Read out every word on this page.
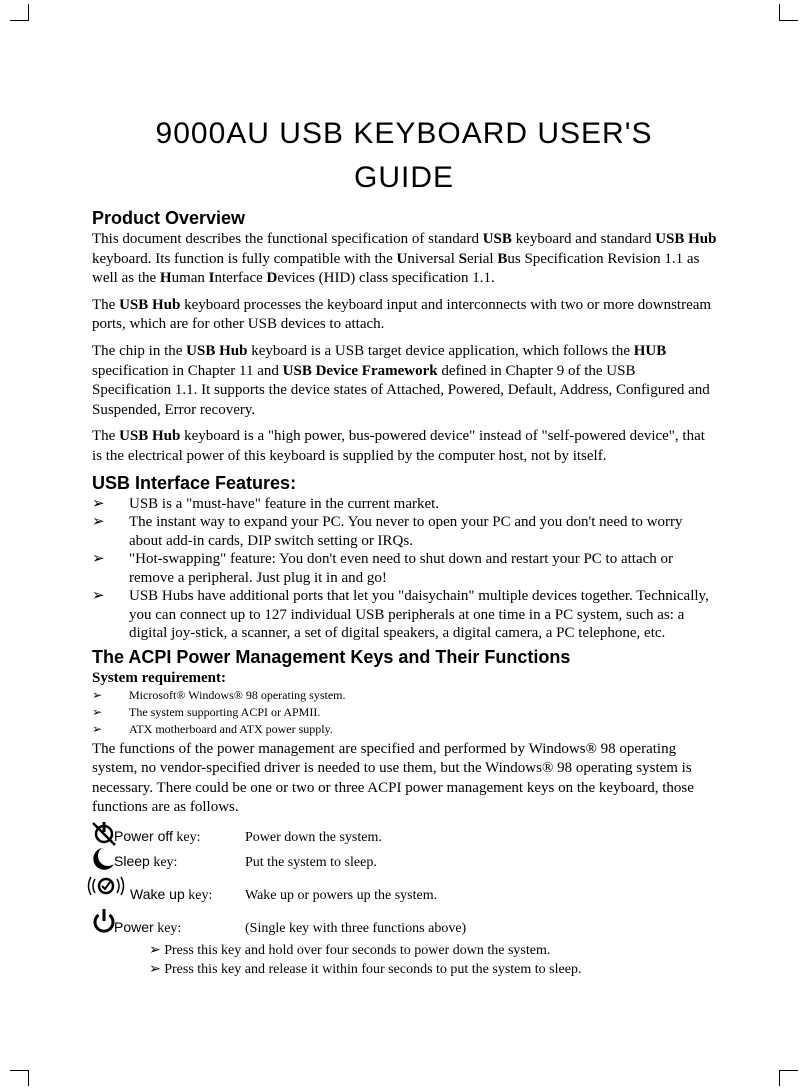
9000AU USB KEYBOARD USER'S
GUIDE
Product Overview

This document describes the functional specification of standard USB keyboard and standard USB Hub keyboard. Its function is fully compatible with the Universal Serial Bus Specification Revision 1.1 as well as the Human Interface Devices (HID) class specification 1.1.

The USB Hub keyboard processes the keyboard input and interconnects with two or more downstream ports, which are for other USB devices to attach.

The chip in the USB Hub keyboard is a USB target device application, which follows the HUB specification in Chapter 11 and USB Device Framework defined in Chapter 9 of the USB Specification 1.1. It supports the device states of Attached, Powered, Default, Address, Configured and Suspended, Error recovery.

The USB Hub keyboard is a "high power, bus-powered device" instead of "self-powered device", that is the electrical power of this keyboard is supplied by the computer host, not by itself.

USB Interface Features:
➢ USB is a "must-have" feature in the current market.
➢ The instant way to expand your PC. You never to open your PC and you don't need to worry about add-in cards, DIP switch setting or IRQs.
➢ "Hot-swapping" feature: You don't even need to shut down and restart your PC to attach or remove a peripheral. Just plug it in and go!
➢ USB Hubs have additional ports that let you "daisychain" multiple devices together. Technically, you can connect up to 127 individual USB peripherals at one time in a PC system, such as: a digital joy-stick, a scanner, a set of digital speakers, a digital camera, a PC telephone, etc.
The ACPI Power Management Keys and Their Functions
System requirement:
➢ Microsoft® Windows® 98 operating system.
➢ The system supporting ACPI or APMII.
➢ ATX motherboard and ATX power supply.

The functions of the power management are specified and performed by Windows® 98 operating system, no vendor-specified driver is needed to use them, but the Windows® 98 operating system is necessary. There could be one or two or three ACPI power management keys on the keyboard, those functions are as follows.

Power off key:	Power down the system.
Sleep key:	Put the system to sleep.
Wake up key: Wake up or powers up the system.
Power key:	(Single key with three functions above)
➢ Press this key and hold over four seconds to power down the system.
➢ Press this key and release it within four seconds to put the system to sleep.
